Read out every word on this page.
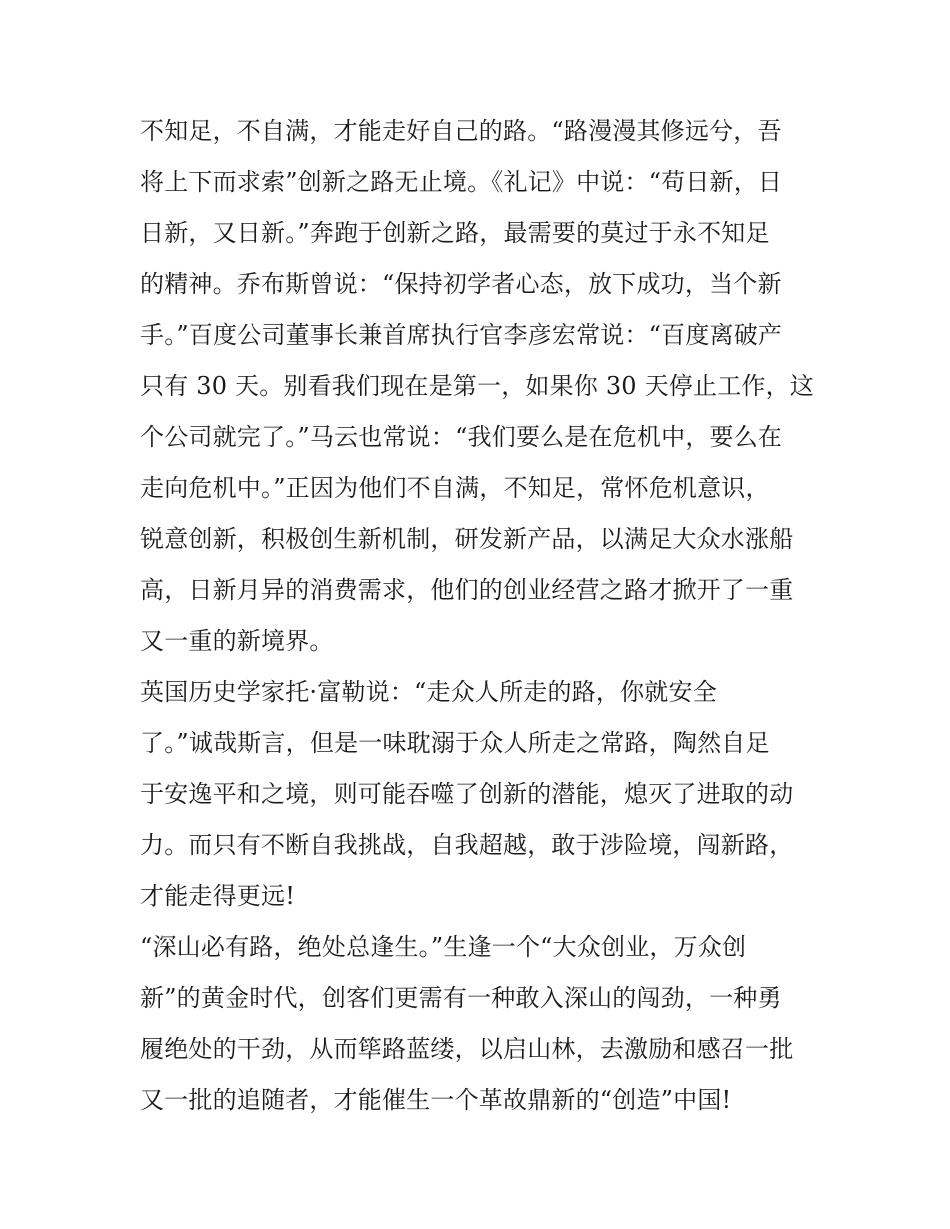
不知足，不自满，才能走好自己的路。“路漫漫其修远兮，吾
将上下而求索”创新之路无止境。《礼记》中说：“苟日新，日
日新，又日新。”奔跑于创新之路，最需要的莫过于永不知足
的精神。乔布斯曾说：“保持初学者心态，放下成功，当个新
手。”百度公司董事长兼首席执行官李彦宏常说：“百度离破产
只有 30 天。别看我们现在是第一，如果你 30 天停止工作，这
个公司就完了。”马云也常说：“我们要么是在危机中，要么在
走向危机中。”正因为他们不自满，不知足，常怀危机意识，
锐意创新，积极创生新机制，研发新产品，以满足大众水涨船
高，日新月异的消费需求，他们的创业经营之路才掀开了一重
又一重的新境界。
英国历史学家托·富勒说：“走众人所走的路，你就安全
了。”诚哉斯言，但是一味耽溺于众人所走之常路，陶然自足
于安逸平和之境，则可能吞噬了创新的潜能，熄灭了进取的动
力。而只有不断自我挑战，自我超越，敢于涉险境，闯新路，
才能走得更远!
“深山必有路，绝处总逢生。”生逢一个“大众创业，万众创
新”的黄金时代，创客们更需有一种敢入深山的闯劲，一种勇
履绝处的干劲，从而筚路蓝缕，以启山林，去激励和感召一批
又一批的追随者，才能催生一个革故鼎新的“创造”中国!
